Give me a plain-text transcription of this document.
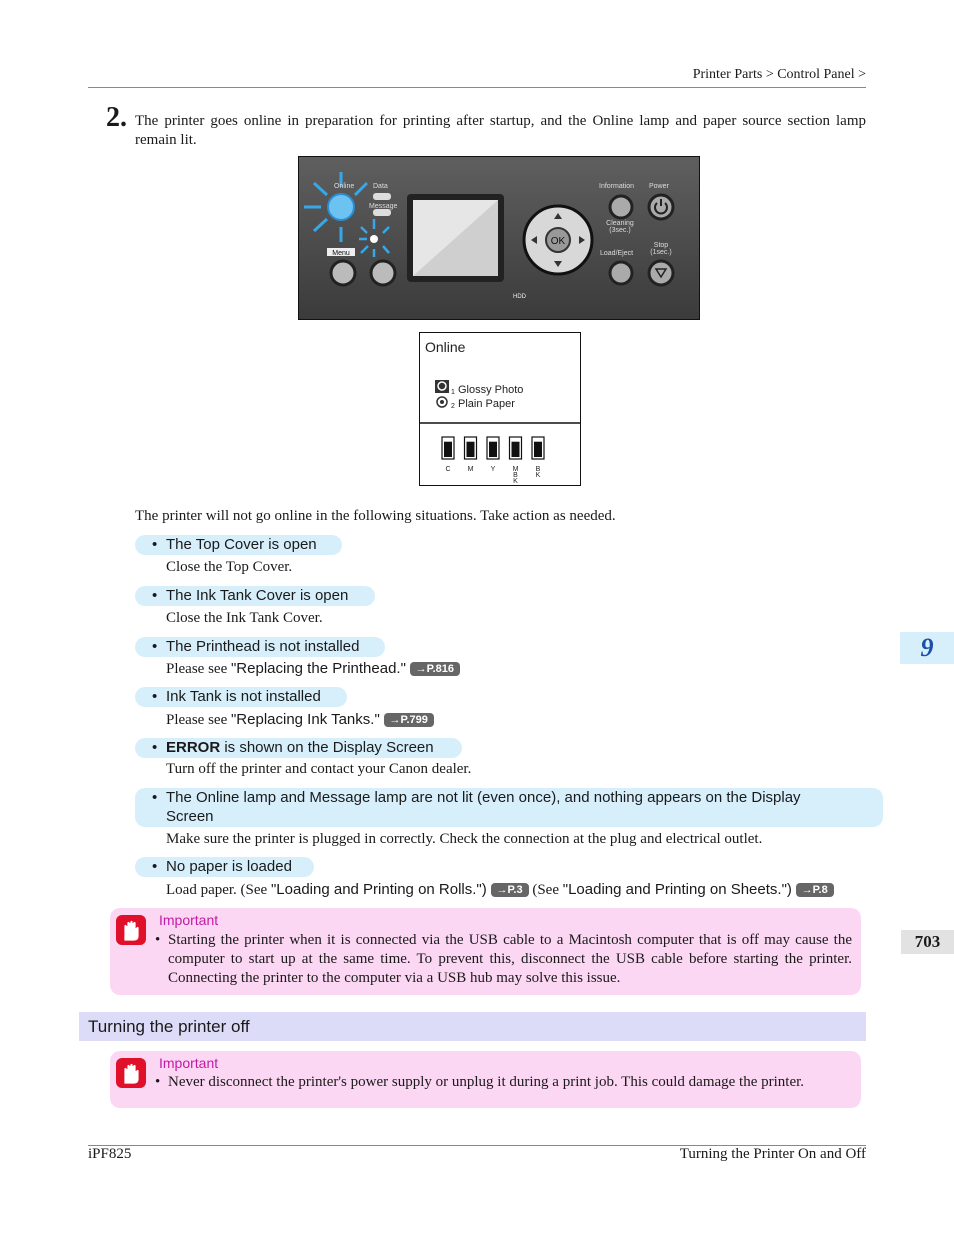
Printer Parts > Control Panel >
2. The printer goes online in preparation for printing after startup, and the Online lamp and paper source section lamp remain lit.
Menu
Online	Data
Message
HDD
OK
Information Power
Cleaning
(3sec.)
Stop
(1sec.)
Load/Eject
Online
1 Glossy Photo
2 Plain Paper
C M Y M
B
K
B
K
The printer will not go online in the following situations. Take action as needed.
• The Top Cover is open
Close the Top Cover.
• The Ink Tank Cover is open
Close the Ink Tank Cover.
• The Printhead is not installed
Please see "Replacing the Printhead." →P.816
• Ink Tank is not installed
Please see "Replacing Ink Tanks." →P.799
• ERROR is shown on the Display Screen
Turn off the printer and contact your Canon dealer.
• The Online lamp and Message lamp are not lit (even once), and nothing appears on the Display
Screen
Make sure the printer is plugged in correctly. Check the connection at the plug and electrical outlet.
• No paper is loaded
Load paper. (See "Loading and Printing on Rolls.") →P.3 (See "Loading and Printing on Sheets.") →P.8
Important
• Starting the printer when it is connected via the USB cable to a Macintosh computer that is off may cause the computer to start up at the same time. To prevent this, disconnect the USB cable before starting the printer. Connecting the printer to the computer via a USB hub may solve this issue.
Turning the printer off
Important
• Never disconnect the printer's power supply or unplug it during a print job. This could damage the printer.
9
703
iPF825	Turning the Printer On and Off
